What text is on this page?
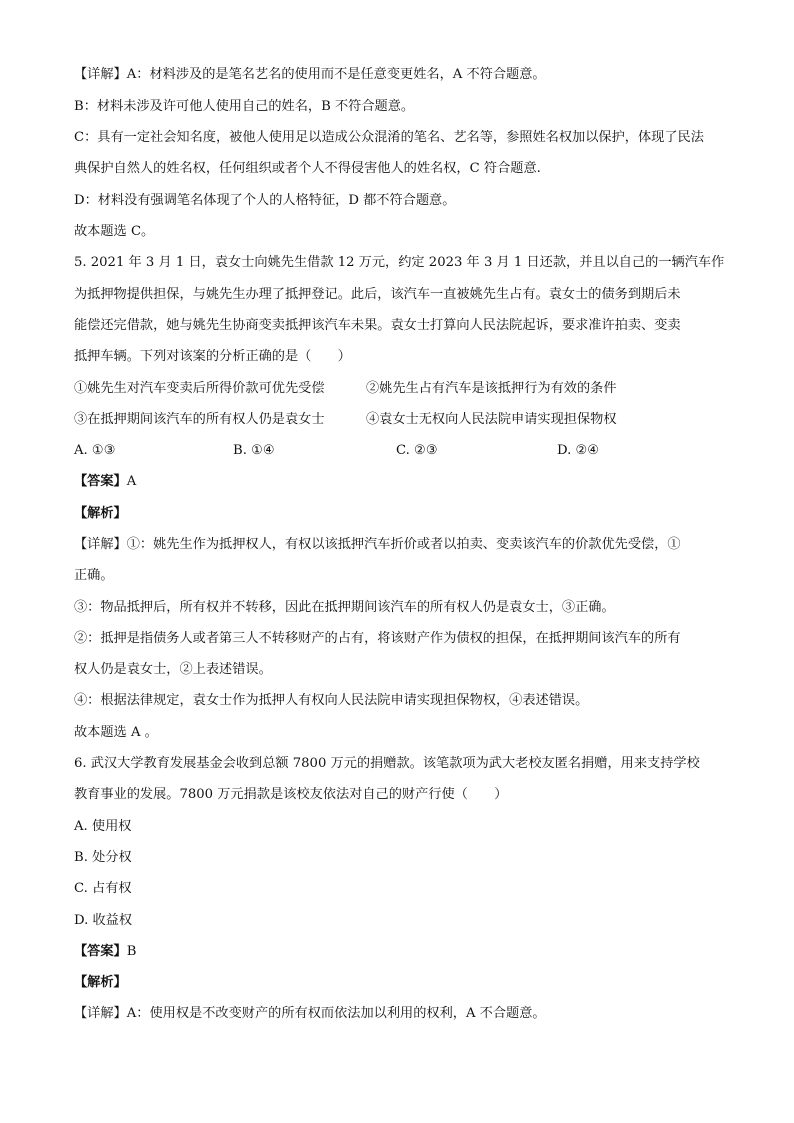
【详解】A：材料涉及的是笔名艺名的使用而不是任意变更姓名，A 不符合题意。
B：材料未涉及许可他人使用自己的姓名，B 不符合题意。
C：具有一定社会知名度，被他人使用足以造成公众混淆的笔名、艺名等，参照姓名权加以保护，体现了民法
典保护自然人的姓名权，任何组织或者个人不得侵害他人的姓名权，C 符合题意.
D：材料没有强调笔名体现了个人的人格特征，D 都不符合题意。
故本题选 C。
5. 2021 年 3 月 1 日，袁女士向姚先生借款 12 万元，约定 2023 年 3 月 1 日还款，并且以自己的一辆汽车作
为抵押物提供担保，与姚先生办理了抵押登记。此后，该汽车一直被姚先生占有。袁女士的债务到期后未
能偿还完借款，她与姚先生协商变卖抵押该汽车未果。袁女士打算向人民法院起诉，要求准许拍卖、变卖
抵押车辆。下列对该案的分析正确的是（　　）
①姚先生对汽车变卖后所得价款可优先受偿	②姚先生占有汽车是该抵押行为有效的条件
③在抵押期间该汽车的所有权人仍是袁女士	④袁女士无权向人民法院申请实现担保物权
A. ①③	B. ①④	C. ②③	D. ②④
【答案】A
【解析】
【详解】①：姚先生作为抵押权人，有权以该抵押汽车折价或者以拍卖、变卖该汽车的价款优先受偿，①
正确。
③：物品抵押后，所有权并不转移，因此在抵押期间该汽车的所有权人仍是袁女士，③正确。
②：抵押是指债务人或者第三人不转移财产的占有，将该财产作为债权的担保，在抵押期间该汽车的所有
权人仍是袁女士，②上表述错误。
④：根据法律规定，袁女士作为抵押人有权向人民法院申请实现担保物权，④表述错误。
故本题选 A 。
6. 武汉大学教育发展基金会收到总额 7800 万元的捐赠款。该笔款项为武大老校友匿名捐赠，用来支持学校
教育事业的发展。7800 万元捐款是该校友依法对自己的财产行使（　　）
A. 使用权
B. 处分权
C. 占有权
D. 收益权
【答案】B
【解析】
【详解】A：使用权是不改变财产的所有权而依法加以利用的权利，A 不合题意。
